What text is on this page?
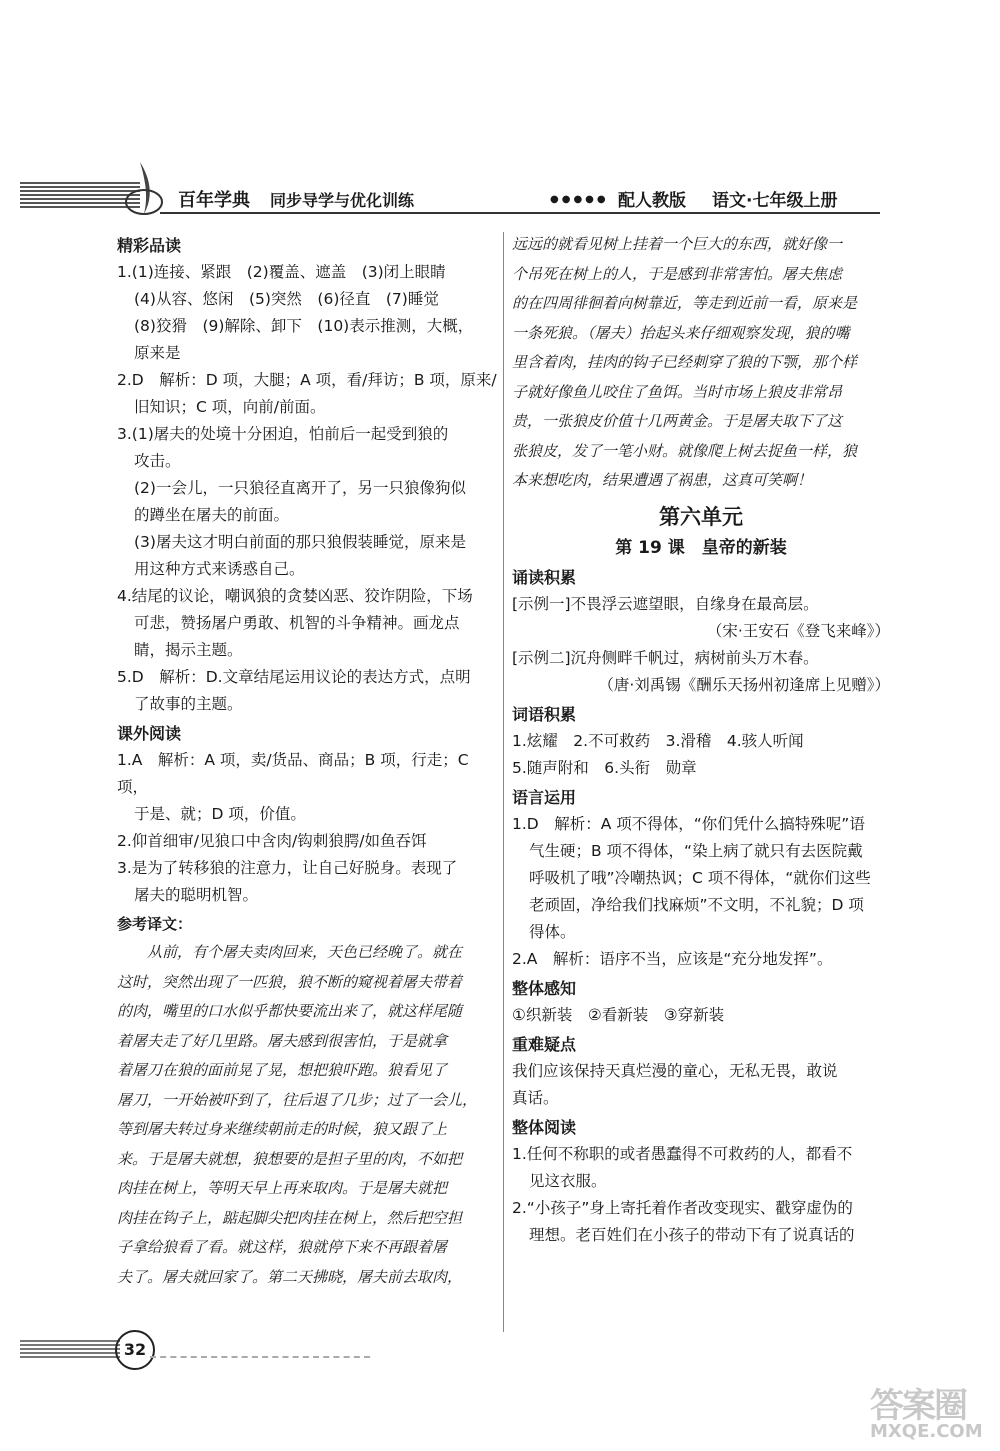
百年学典 同步导学与优化训练	●●●●● 配人教版 语文·七年级上册
精彩品读

1.(1)连接、紧跟　(2)覆盖、遮盖　(3)闭上眼睛

(4)从容、悠闲　(5)突然　(6)径直　(7)睡觉

(8)狡猾　(9)解除、卸下　(10)表示推测，大概，

原来是

2.D　解析：D 项，大腿；A 项，看/拜访；B 项，原来/

旧知识；C 项，向前/前面。

3.(1)屠夫的处境十分困迫，怕前后一起受到狼的

攻击。

(2)一会儿，一只狼径直离开了，另一只狼像狗似

的蹲坐在屠夫的前面。

(3)屠夫这才明白前面的那只狼假装睡觉，原来是

用这种方式来诱惑自己。

4.结尾的议论，嘲讽狼的贪婪凶恶、狡诈阴险，下场

可悲，赞扬屠户勇敢、机智的斗争精神。画龙点

睛，揭示主题。

5.D　解析：D.文章结尾运用议论的表达方式，点明

了故事的主题。

课外阅读

1.A　解析：A 项，卖/货品、商品；B 项，行走；C 项，

于是、就；D 项，价值。

2.仰首细审/见狼口中含肉/钩刺狼腭/如鱼吞饵

3.是为了转移狼的注意力，让自己好脱身。表现了

屠夫的聪明机智。

参考译文：

从前，有个屠夫卖肉回来，天色已经晚了。就在

这时，突然出现了一匹狼，狼不断的窥视着屠夫带着

的肉，嘴里的口水似乎都快要流出来了，就这样尾随

着屠夫走了好几里路。屠夫感到很害怕，于是就拿

着屠刀在狼的面前晃了晃，想把狼吓跑。狼看见了

屠刀，一开始被吓到了，往后退了几步；过了一会儿，

等到屠夫转过身来继续朝前走的时候，狼又跟了上

来。于是屠夫就想，狼想要的是担子里的肉，不如把

肉挂在树上，等明天早上再来取肉。于是屠夫就把

肉挂在钩子上，踮起脚尖把肉挂在树上，然后把空担

子拿给狼看了看。就这样，狼就停下来不再跟着屠

夫了。屠夫就回家了。第二天拂晓，屠夫前去取肉，

远远的就看见树上挂着一个巨大的东西，就好像一

个吊死在树上的人，于是感到非常害怕。屠夫焦虑

的在四周徘徊着向树靠近，等走到近前一看，原来是

一条死狼。（屠夫）抬起头来仔细观察发现，狼的嘴

里含着肉，挂肉的钩子已经刺穿了狼的下颚，那个样

子就好像鱼儿咬住了鱼饵。当时市场上狼皮非常昂

贵，一张狼皮价值十几两黄金。于是屠夫取下了这

张狼皮，发了一笔小财。就像爬上树去捉鱼一样，狼

本来想吃肉，结果遭遇了祸患，这真可笑啊！

第六单元
第 19 课　皇帝的新装
诵读积累

[示例一]不畏浮云遮望眼，自缘身在最高层。

（宋·王安石《登飞来峰》）

[示例二]沉舟侧畔千帆过，病树前头万木春。

（唐·刘禹锡《酬乐天扬州初逢席上见赠》）

词语积累

1.炫耀　2.不可救药　3.滑稽　4.骇人听闻

5.随声附和　6.头衔　勋章

语言运用

1.D　解析：A 项不得体，“你们凭什么搞特殊呢”语

气生硬；B 项不得体，“染上病了就只有去医院戴

呼吸机了哦”冷嘲热讽；C 项不得体，“就你们这些

老顽固，净给我们找麻烦”不文明，不礼貌；D 项

得体。

2.A　解析：语序不当，应该是“充分地发挥”。

整体感知

①织新装　②看新装　③穿新装

重难疑点

我们应该保持天真烂漫的童心，无私无畏，敢说

真话。

整体阅读

1.任何不称职的或者愚蠢得不可救药的人，都看不

见这衣服。

2.“小孩子”身上寄托着作者改变现实、戳穿虚伪的

理想。老百姓们在小孩子的带动下有了说真话的

32
答案圈
MXQE.COM
